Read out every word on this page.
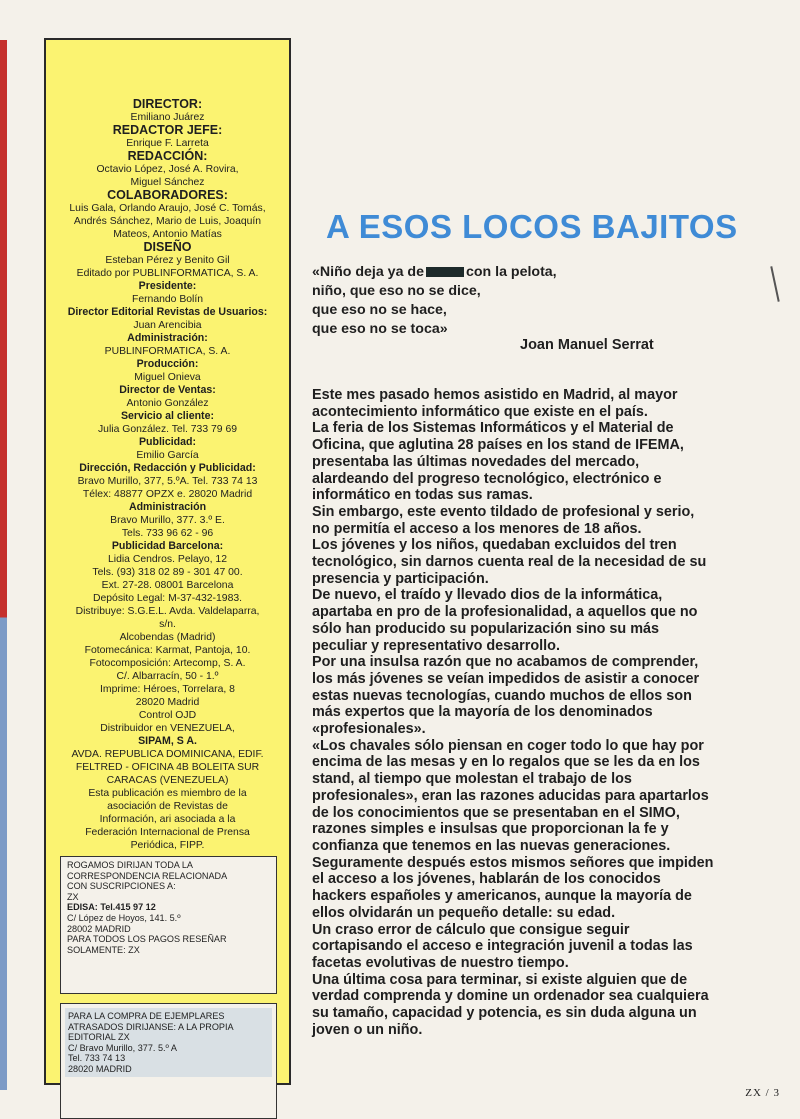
DIRECTOR:
Emiliano Juárez
REDACTOR JEFE:
Enrique F. Larreta
REDACCIÓN:
Octavio López, José A. Rovira,
Miguel Sánchez
COLABORADORES:
Luis Gala, Orlando Araujo, José C. Tomás,
Andrés Sánchez, Mario de Luis, Joaquín
Mateos, Antonio Matías
DISEÑO
Esteban Pérez y Benito Gil
Editado por PUBLINFORMATICA, S. A.
Presidente:
Fernando Bolín
Director Editorial Revistas de Usuarios:
Juan Arencibia
Administración:
PUBLINFORMATICA, S. A.
Producción:
Miguel Onieva
Director de Ventas:
Antonio González
Servicio al cliente:
Julia González. Tel. 733 79 69
Publicidad:
Emilio García
Dirección, Redacción y Publicidad:
Bravo Murillo, 377, 5.ºA. Tel. 733 74 13
Télex: 48877 OPZX e. 28020 Madrid
Administración
Bravo Murillo, 377. 3.º E.
Tels. 733 96 62 - 96
Publicidad Barcelona:
Lidia Cendros. Pelayo, 12
Tels. (93) 318 02 89 - 301 47 00.
Ext. 27-28. 08001 Barcelona
Depósito Legal: M-37-432-1983.
Distribuye: S.G.E.L. Avda. Valdelaparra,
s/n.
Alcobendas (Madrid)
Fotomecánica: Karmat, Pantoja, 10.
Fotocomposición: Artecomp, S. A.
C/. Albarracín, 50 - 1.º
Imprime: Héroes, Torrelara, 8
28020 Madrid
Control OJD
Distribuidor en VENEZUELA,
SIPAM, S A.
AVDA. REPUBLICA DOMINICANA, EDIF.
FELTRED - OFICINA 4B BOLEITA SUR
CARACAS (VENEZUELA)
Esta publicación es miembro de la
asociación de Revistas de
Información, ari asociada a la
Federación Internacional de Prensa
Periódica, FIPP.
ROGAMOS DIRIJAN TODA LA
CORRESPONDENCIA RELACIONADA
CON SUSCRIPCIONES A:
ZX
EDISA: Tel.415 97 12
C/ López de Hoyos, 141. 5.º
28002 MADRID
PARA TODOS LOS PAGOS RESEÑAR
SOLAMENTE: ZX
PARA LA COMPRA DE EJEMPLARES
ATRASADOS DIRIJANSE: A LA PROPIA
EDITORIAL ZX
C/ Bravo Murillo, 377. 5.º A
Tel. 733 74 13
28020 MADRID
A ESOS LOCOS BAJITOS
«Niño deja ya de	con la pelota,
niño, que eso no se dice,
que eso no se hace,
que eso no se toca»
Joan Manuel Serrat
Este mes pasado hemos asistido en Madrid, al mayor
acontecimiento informático que existe en el país.
La feria de los Sistemas Informáticos y el Material de
Oficina, que aglutina 28 países en los stand de IFEMA,
presentaba las últimas novedades del mercado,
alardeando del progreso tecnológico, electrónico e
informático en todas sus ramas.
Sin embargo, este evento tildado de profesional y serio,
no permitía el acceso a los menores de 18 años.
Los jóvenes y los niños, quedaban excluidos del tren
tecnológico, sin darnos cuenta real de la necesidad de su
presencia y participación.
De nuevo, el traído y llevado dios de la informática,
apartaba en pro de la profesionalidad, a aquellos que no
sólo han producido su popularización sino su más
peculiar y representativo desarrollo.
Por una insulsa razón que no acabamos de comprender,
los más jóvenes se veían impedidos de asistir a conocer
estas nuevas tecnologías, cuando muchos de ellos son
más expertos que la mayoría de los denominados
«profesionales».
«Los chavales sólo piensan en coger todo lo que hay por
encima de las mesas y en lo regalos que se les da en los
stand, al tiempo que molestan el trabajo de los
profesionales», eran las razones aducidas para apartarlos
de los conocimientos que se presentaban en el SIMO,
razones simples e insulsas que proporcionan la fe y
confianza que tenemos en las nuevas generaciones.
Seguramente después estos mismos señores que impiden
el acceso a los jóvenes, hablarán de los conocidos
hackers españoles y americanos, aunque la mayoría de
ellos olvidarán un pequeño detalle: su edad.
Un craso error de cálculo que consigue seguir
cortapisando el acceso e integración juvenil a todas las
facetas evolutivas de nuestro tiempo.
Una última cosa para terminar, si existe alguien que de
verdad comprenda y domine un ordenador sea cualquiera
su tamaño, capacidad y potencia, es sin duda alguna un
joven o un niño.
ZX / 3
